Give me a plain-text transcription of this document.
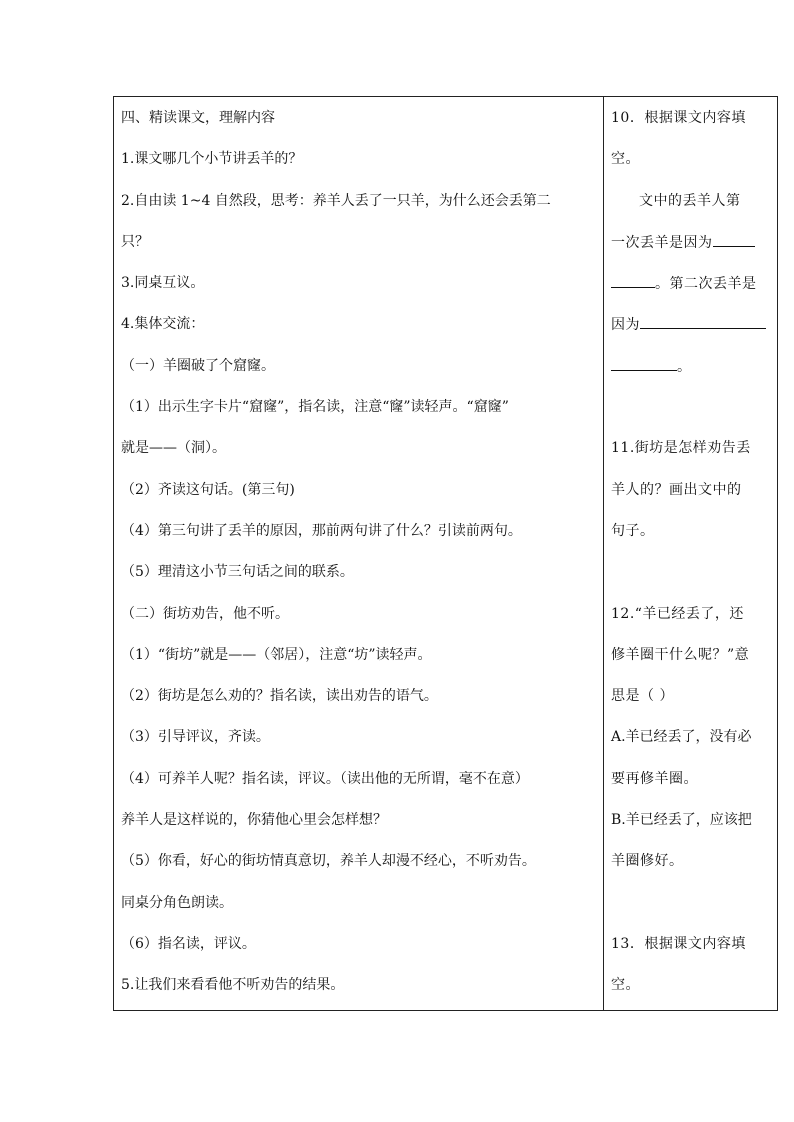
四、精读课文，理解内容

1.课文哪几个小节讲丢羊的？

2.自由读 1~4 自然段，思考：养羊人丢了一只羊，为什么还会丢第二

只？

3.同桌互议。

4.集体交流：

（一）羊圈破了个窟窿。

（1）出示生字卡片“窟窿”，指名读，注意“窿”读轻声。“窟窿”

就是——（洞）。

（2）齐读这句话。(第三句)

（4）第三句讲了丢羊的原因，那前两句讲了什么？引读前两句。

（5）理清这小节三句话之间的联系。

（二）街坊劝告，他不听。

（1）“街坊”就是——（邻居），注意“坊”读轻声。

（2）街坊是怎么劝的？指名读，读出劝告的语气。

（3）引导评议，齐读。

（4）可养羊人呢？指名读，评议。（读出他的无所谓，毫不在意）

养羊人是这样说的，你猜他心里会怎样想？

（5）你看，好心的街坊情真意切，养羊人却漫不经心，不听劝告。

同桌分角色朗读。

（6）指名读，评议。

5.让我们来看看他不听劝告的结果。

10．根据课文内容填

空。

文中的丢羊人第

一次丢羊是因为

。第二次丢羊是

因为

。

11.街坊是怎样劝告丢

羊人的？画出文中的

句子。

12.“羊已经丢了，还

修羊圈干什么呢？”意

思是（ ）

A.羊已经丢了，没有必

要再修羊圈。

B.羊已经丢了，应该把

羊圈修好。

13．根据课文内容填

空。
